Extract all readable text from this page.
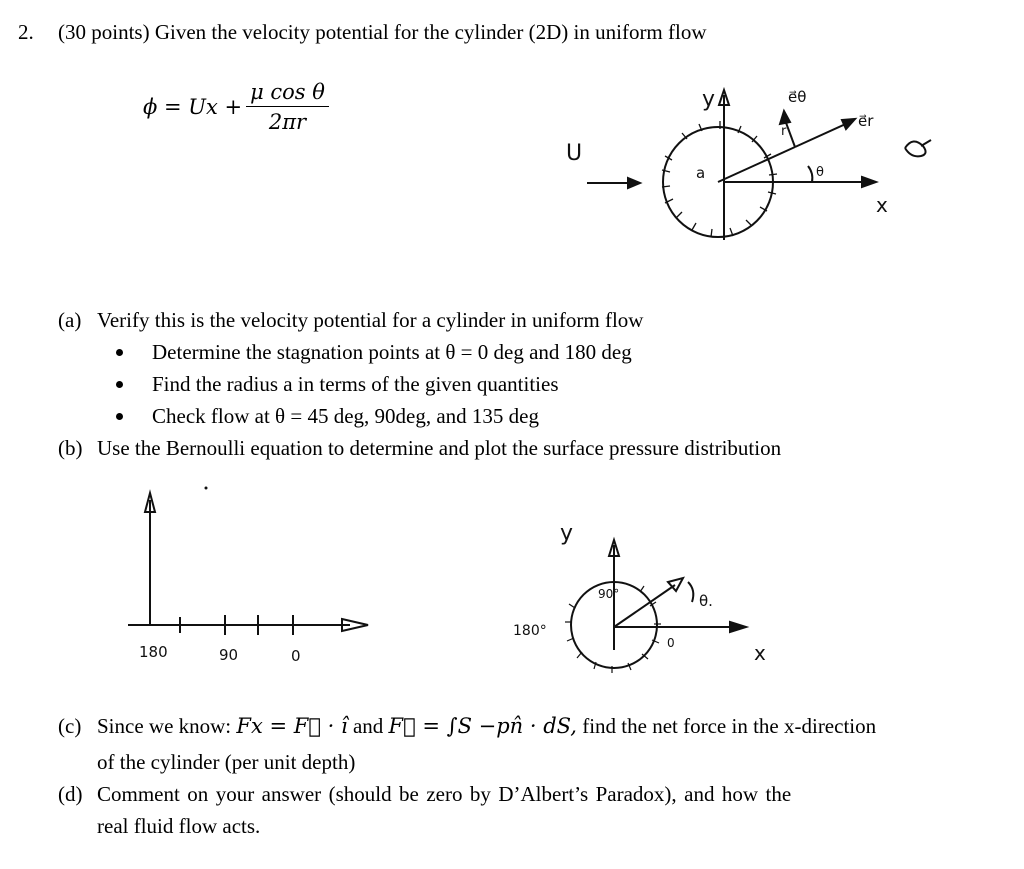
2. (30 points) Given the velocity potential for the cylinder (2D) in uniform flow
$\phi = Ux + \frac{\text{μ cos θ}}{2\pi r}$
U
y
x
a	θ
e⃗θ
e⃗r
r
(a) Verify this is the velocity potential for a cylinder in uniform flow
Determine the stagnation points at θ = 0 deg and 180 deg
Find the radius a in terms of the given quantities
Check flow at θ = 45 deg, 90deg, and 135 deg
(b) Use the Bernoulli equation to determine and plot the surface pressure distribution
180	90	0
y
x
180°
90°
0
θ.
(c) Since we know: Fx = F⃗ · î and F⃗ = ∫S −pn̂ · dS, find the net force in the x-direction
of the cylinder (per unit depth)
(d) Comment on your answer (should be zero by D’Albert’s Paradox), and how the
real fluid flow acts.
